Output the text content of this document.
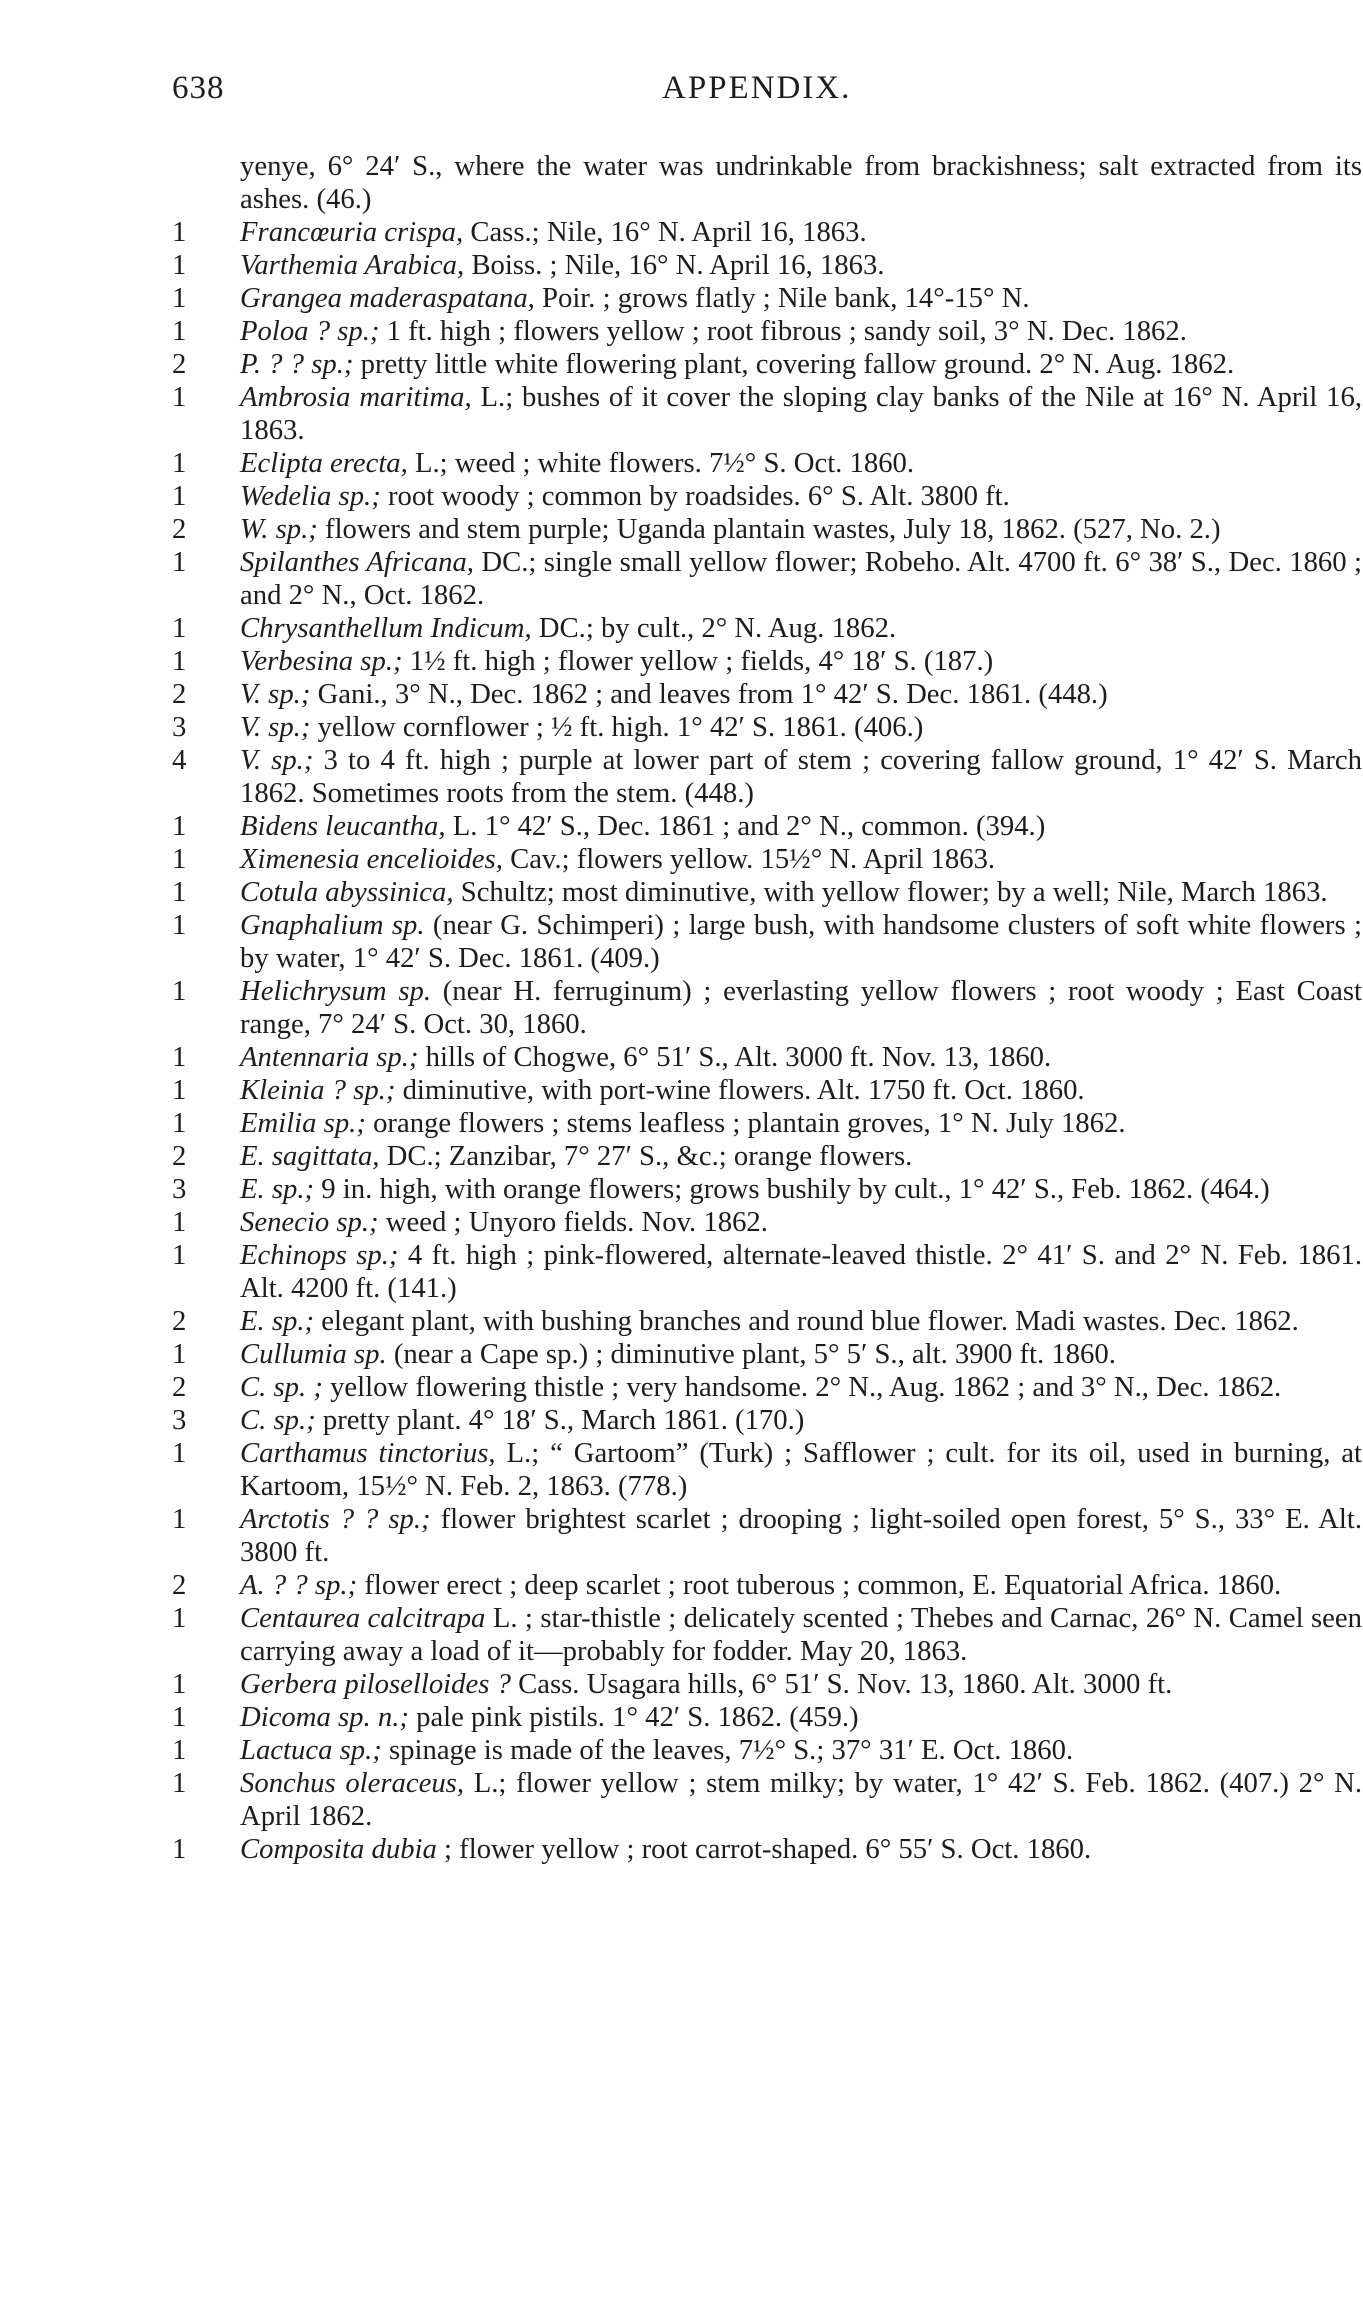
638	APPENDIX.
yenye, 6° 24′ S., where the water was undrinkable from brackishness; salt extracted from its ashes. (46.)
1 Francœuria crispa, Cass.; Nile, 16° N. April 16, 1863.
1 Varthemia Arabica, Boiss. ; Nile, 16° N. April 16, 1863.
1 Grangea maderaspatana, Poir. ; grows flatly ; Nile bank, 14°-15° N.
1 Poloa ? sp.; 1 ft. high ; flowers yellow ; root fibrous ; sandy soil, 3° N. Dec. 1862.
2 P. ? ? sp.; pretty little white flowering plant, covering fallow ground. 2° N. Aug. 1862.
1 Ambrosia maritima, L.; bushes of it cover the sloping clay banks of the Nile at 16° N. April 16, 1863.
1 Eclipta erecta, L.; weed ; white flowers. 7½° S. Oct. 1860.
1 Wedelia sp.; root woody ; common by roadsides. 6° S. Alt. 3800 ft.
2 W. sp.; flowers and stem purple; Uganda plantain wastes, July 18, 1862. (527, No. 2.)
1 Spilanthes Africana, DC.; single small yellow flower; Robeho. Alt. 4700 ft. 6° 38′ S., Dec. 1860 ; and 2° N., Oct. 1862.
1 Chrysanthellum Indicum, DC.; by cult., 2° N. Aug. 1862.
1 Verbesina sp.; 1½ ft. high ; flower yellow ; fields, 4° 18′ S. (187.)
2 V. sp.; Gani., 3° N., Dec. 1862 ; and leaves from 1° 42′ S. Dec. 1861. (448.)
3 V. sp.; yellow cornflower ; ½ ft. high. 1° 42′ S. 1861. (406.)
4 V. sp.; 3 to 4 ft. high ; purple at lower part of stem ; covering fallow ground, 1° 42′ S. March 1862. Sometimes roots from the stem. (448.)
1 Bidens leucantha, L. 1° 42′ S., Dec. 1861 ; and 2° N., common. (394.)
1 Ximenesia encelioides, Cav.; flowers yellow. 15½° N. April 1863.
1 Cotula abyssinica, Schultz; most diminutive, with yellow flower; by a well; Nile, March 1863.
1 Gnaphalium sp. (near G. Schimperi) ; large bush, with handsome clusters of soft white flowers ; by water, 1° 42′ S. Dec. 1861. (409.)
1 Helichrysum sp. (near H. ferruginum) ; everlasting yellow flowers ; root woody ; East Coast range, 7° 24′ S. Oct. 30, 1860.
1 Antennaria sp.; hills of Chogwe, 6° 51′ S., Alt. 3000 ft. Nov. 13, 1860.
1 Kleinia ? sp.; diminutive, with port-wine flowers. Alt. 1750 ft. Oct. 1860.
1 Emilia sp.; orange flowers ; stems leafless ; plantain groves, 1° N. July 1862.
2 E. sagittata, DC.; Zanzibar, 7° 27′ S., &c.; orange flowers.
3 E. sp.; 9 in. high, with orange flowers; grows bushily by cult., 1° 42′ S., Feb. 1862. (464.)
1 Senecio sp.; weed ; Unyoro fields. Nov. 1862.
1 Echinops sp.; 4 ft. high ; pink-flowered, alternate-leaved thistle. 2° 41′ S. and 2° N. Feb. 1861. Alt. 4200 ft. (141.)
2 E. sp.; elegant plant, with bushing branches and round blue flower. Madi wastes. Dec. 1862.
1 Cullumia sp. (near a Cape sp.) ; diminutive plant, 5° 5′ S., alt. 3900 ft. 1860.
2 C. sp. ; yellow flowering thistle ; very handsome. 2° N., Aug. 1862 ; and 3° N., Dec. 1862.
3 C. sp.; pretty plant. 4° 18′ S., March 1861. (170.)
1 Carthamus tinctorius, L.; “ Gartoom” (Turk) ; Safflower ; cult. for its oil, used in burning, at Kartoom, 15½° N. Feb. 2, 1863. (778.)
1 Arctotis ? ? sp.; flower brightest scarlet ; drooping ; light-soiled open forest, 5° S., 33° E. Alt. 3800 ft.
2 A. ? ? sp.; flower erect ; deep scarlet ; root tuberous ; common, E. Equatorial Africa. 1860.
1 Centaurea calcitrapa L. ; star-thistle ; delicately scented ; Thebes and Carnac, 26° N. Camel seen carrying away a load of it—probably for fodder. May 20, 1863.
1 Gerbera piloselloides ? Cass. Usagara hills, 6° 51′ S. Nov. 13, 1860. Alt. 3000 ft.
1 Dicoma sp. n.; pale pink pistils. 1° 42′ S. 1862. (459.)
1 Lactuca sp.; spinage is made of the leaves, 7½° S.; 37° 31′ E. Oct. 1860.
1 Sonchus oleraceus, L.; flower yellow ; stem milky; by water, 1° 42′ S. Feb. 1862. (407.) 2° N. April 1862.
1 Composita dubia ; flower yellow ; root carrot-shaped. 6° 55′ S. Oct. 1860.
